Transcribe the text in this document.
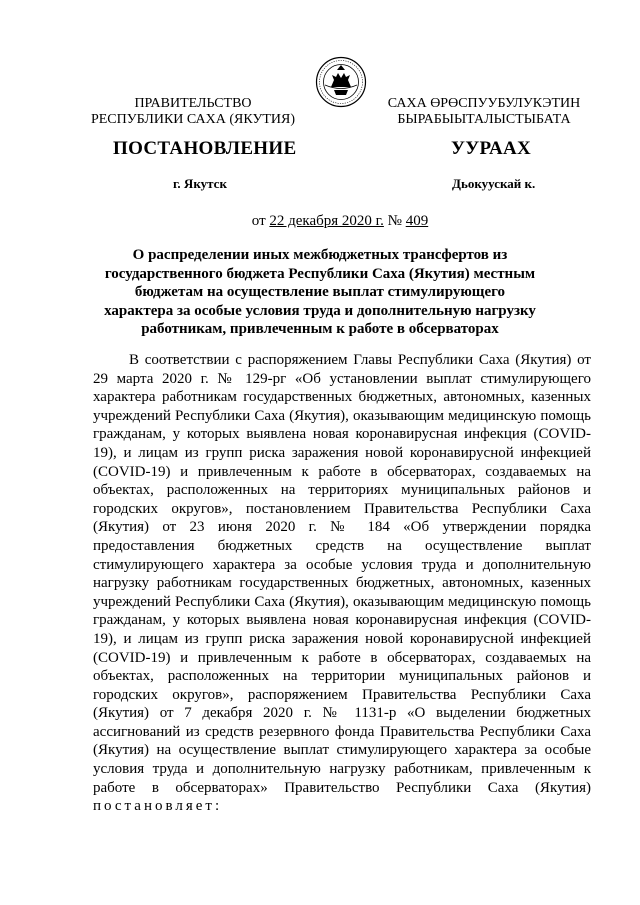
ПРАВИТЕЛЬСТВО
РЕСПУБЛИКИ САХА (ЯКУТИЯ)
САХА ӨРӨСПУУБУЛУКЭТИН
БЫРАБЫЫТАЛЫСТЫБАТА
ПОСТАНОВЛЕНИЕ	УУРААХ
г. Якутск	Дьокуускай к.
от 22 декабря 2020 г. № 409
О распределении иных межбюджетных трансфертов из государственного бюджета Республики Саха (Якутия) местным бюджетам на осуществление выплат стимулирующего характера за особые условия труда и дополнительную нагрузку работникам, привлеченным к работе в обсерваторах
В соответствии с распоряжением Главы Республики Саха (Якутия) от 29 марта 2020 г. № 129-рг «Об установлении выплат стимулирующего характера работникам государственных бюджетных, автономных, казенных учреждений Республики Саха (Якутия), оказывающим медицинскую помощь гражданам, у которых выявлена новая коронавирусная инфекция (COVID-19), и лицам из групп риска заражения новой коронавирусной инфекцией (COVID-19) и привлеченным к работе в обсерваторах, создаваемых на объектах, расположенных на территориях муниципальных районов и городских округов», постановлением Правительства Республики Саха (Якутия) от 23 июня 2020 г. № 184 «Об утверждении порядка предоставления бюджетных средств на осуществление выплат стимулирующего характера за особые условия труда и дополнительную нагрузку работникам государственных бюджетных, автономных, казенных учреждений Республики Саха (Якутия), оказывающим медицинскую помощь гражданам, у которых выявлена новая коронавирусная инфекция (COVID-19), и лицам из групп риска заражения новой коронавирусной инфекцией (COVID-19) и привлеченным к работе в обсерваторах, создаваемых на объектах, расположенных на территории муниципальных районов и городских округов», распоряжением Правительства Республики Саха (Якутия) от 7 декабря 2020 г. № 1131-р «О выделении бюджетных ассигнований из средств резервного фонда Правительства Республики Саха (Якутия) на осуществление выплат стимулирующего характера за особые условия труда и дополнительную нагрузку работникам, привлеченным к работе в обсерваторах» Правительство Республики Саха (Якутия) постановляет:
